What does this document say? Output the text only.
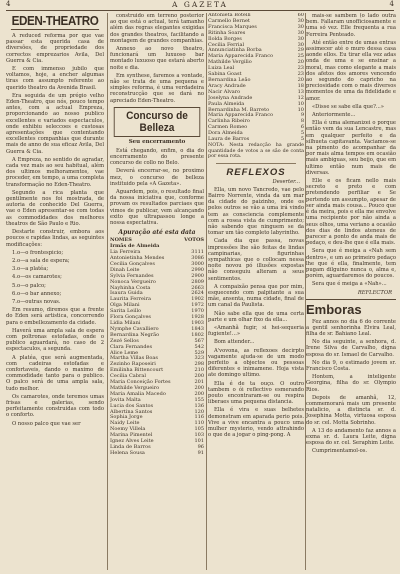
4	A GAZETA	4
EDEN-THEATRO

A reduced reforma por que vae passar esta querida casa de diversões, de propriedade dos correctos emprezarios Avila, Del Guerra & Cia.

E com immenso jubilo que voltamos, hoje, a encher algumas tiras com assumpto referente ao querido theatro da Avenida Brasil.

Era seguida de um prégio velho Eden-Theatro, que nós, pouco tempo antes, com a actual Empreza, proporcionando ao nosso publico excellentes e variados espectaculos, onde exhibiu seleccoes e custosas apresentações que contentando excellentes companhias que durante mais de anno de sua eficaz Avila, Del Guerra & Cia.

A Empreza, no sentido de agradar, cada vez mais ao seu habitual, além dos ultimos melhoramentos, vae proceder, em tempo, a uma completa transformação no Eden-Theatro.

Segundo a rica planta que gentilmente nos foi mostrada, de autoria de conhecido Del Guerra, vae o Eden apresentar-se com todas as commodidades dos melhores theatros de São Paulo e Rio.

Destarte construir, embora aos poucos e rapidas lindas, as seguintes modificações:

1.o—o frontespicio;

2.o—a sala de espera;

3.o—a platéa;

4.o—os camarotes;

5.o—o palco;

6.o—o bar annexo;

7.o—outras novas.

Em resumo, diremos que a frente do Eden será artistica, concorrendo para o embellezamento da cidade.

Haverá uma ampla sala de espera com poltronas estofadas, onde o publico aguardará, no caso de 2 espectaculos, a segunda.

A platéa, que será augmentada, com cadeiras estofadas e confortaveis, dando o maximo de commodidade tanto para o publico. O palco será de uma ampla sala, tudo melhor.

Os camarotes, onde teremos umas frisas e galerias, sendo perfeitamente construidas com todo o conforto.

O nosso palco que vae ser

construido em terreno posterior ao que está o actual, terá tamanho além das regras elegantes exigidas dos grandes theatros, facilitando a montagem de grandes companhias.

Annexo ao novo theatro, funcionará um luxuoso bar montado luxuoso que estará aberto noite e dia.

Em synthese, faremos a vontade, não se trata de uma pequena e simples reforma, é uma verdadeira reconstrucção que se dará no apreciado Eden-Theatro.

Concurso de Belleza
Seu encerramento

Está chegando, enfim, o dia do encerramento do presente concurso de collo no Belo.

Deverá encerrar-se, no proximo mez, o concurso de belleza instituido pela «A Gazeta».

Aguardem, pois, o resultado final da nossa iniciativa que, conforme provam os resultados parciaes que vimos de publicar, vem alcançando exito que ultrapassou longe a nossa espectativa.

Apuração até esta data
NOMES	VOTOS
Irmãs de Almeida
Lia Ferreira	3111
Antonietinha Mendes	3086
Cecilia Gonçalves	3000
Dinah Leite	2990
Sylvia Fernandes	2900
Nonoca Vergueiro	2809
Nayhinha Costa	2663
Isaura Guida	2624
Laurita Ferreira	1902
Olga Milani	1972
Sarita Leillo	1970
Flora Gonçalves	1928
Lidia Milani	1903
Nymphe Cavalliero	1843
Bernardina Negrão	1802
Zezé Sellos	567
Clara Fernandes	542
Alice Leme	529
Martha Villas Boas	323
Zezinho Raposeiri	298
Emilinha Bittencourt	210
Cecilia Cabral	200
Maria Conceição Fortes	201
Mathilde Vergueiro	200
Maria Amalia Macedo	200
Jovita Malta	155
Lucia dos Santos	136
Albertina Santos	120
Sophia Jorge	116
Naidy Leite	110
Noemy Villela	105
Marina Pimentel	103
Ignez Alves Leite	101
Linda de Barros	96
Helena Sousa	91
Antonieta Botelli	60
Carmello Bernet	30
Francisca Marques	30
Ritinha Soares	30
Ilolda Borges	30
Cecilia Ferrial	30
Annunciatinha Borba	29
Maria Apparecida Franco	25
Mathilde Vergilio	20
Luiza Leal	23
Sabina Goast	23
Bernardina Leão	20
Aracy Andrade	18
Nacir Alvaro	13
Joselyna Andrade	12
Paula Almeida	10
Bernardinha M. Barreto	10
Maria Apparecida Franco	9
Carlinha Ribeiro	8
Carmen Romeo	6
Dora Almeida	5
Laura de Barros	5

NOTA: Nesta redacção ha grande quantidade de votos a se são de conta por essa rota.

REFLEXOS
Deserter...

Ella, um novo Tancredo, vae pelo Bairro Norrente, vinda da um mar da cidade do paizinho, onde os pelos outros se vão a uma irá vindo tem as consciencia complemente com a rosea vista de cumprimento; não sabendo que ninguem se da tomar um tão completo labyrintho.

Cada dia que passa, novas impressões lhe são feitas de lindas campinarias, figurinhas sympathicas que o collocam nessa noite novou pó illusões expostas não conseguiu alteram a seus sentimentos.

A compaixão pensa que por mim, esquecendo com palpitante a sua mãe, ansenta, numa cidade, final de um canal da Paulista.

Não sabe ella que de uma certa parte e um olhar fixo da ella...

«Amanhã fugir, si hei-sequeria fugiente!...»

Bom attender...

A'vovona, as reflexoes decirpto vagamente ajuda-se de um modo perfeito a objectos ou pessoas diferentes e inimamene. Hoja vista ate domingo ultimo.

Ella é de ta ouço. O outro tambem o ói reflectivo esmerando pouto encontraram-se ou respira liberaes uma pequena distancia.

Ella é vira e suas belhetes demonstram em aparada perio pois. Vive a vive encantra a pouco uma mulher mysterio, vendo attrahindo o que de a jogar o ping-pong. A

mais-se sambem (o lado outra bem. Fallaram unofficiosamente e uma só vez. Elle frequenta a rua Ferreira Penteado.

Até então entre de umas entras assimecer até o muro dessa casa aonde ellos. Eu tirar ella vez adas onda de uma e se ensinar a moral, mas como elegante a mais dos afetos dos amores vencendo ao segundo do capricho na preciosidade com o mais diversos momentos de uma da fidelidade e amor.

«Disse se sabe ella que?...»

Anteriormente...

Ella é uma alemanizei o porque então vem da sua Lencastre, mas em qualquer perfeito e da silhueta capitavanta. Vaciamos-se na pimento do acompanhar da por mais alma tempos em ocasião mais ambiguas, seu beijo, que em ultimo então num mais de diversas.

Elle e os ficam nello mais secreto e preto e com pretendendo perfiliar e Se pertendo um assumpto, apesar de ser ainda mais cousa... Pouco que é da meira, pois e ella me envolve uma recipiente por não ainda a seus olhos, uma veriano a ocasião dos dias de lindos ateneus de parecer a ponto de anda mais de pedaço, e deu-lhe que é ella mais.

Sera que é meiga a «Nah sem dentro», e um ao primeiro pedaço lhe que é ella, finalmente, tem pugam dilguino nunca o, alma e, porém, aguardaremos do poucos.

Sera que é meiga a «Nah»...

REFLECTOR
Emboras

Fez annos no dia 6 do corrente a gentil senhorinha Elvira Leal, filha de sr. Bahiano Leal.

No dia seguinte, a senhora, d. Irene Silva de Carvalho, digna esposa do sr. Ismael de Carvalho.

No dia 9, o estimado jovem sr. Francisco Costa.

Hontem, a inteligente Georgina, filha do sr. Olympio Rios.

Depois de amanhã, 12, commemorará mais um presente natalicio, a distincta sr. d. Josephina Motta, virtuosa esposa do sr. cel. Motta Sobrinho.

A 13 do andamento faz annos a exma sr. d. Laura Leite, digna esposa do sr. cel. Seraphim Leite.

Cumprimentamol-os.
